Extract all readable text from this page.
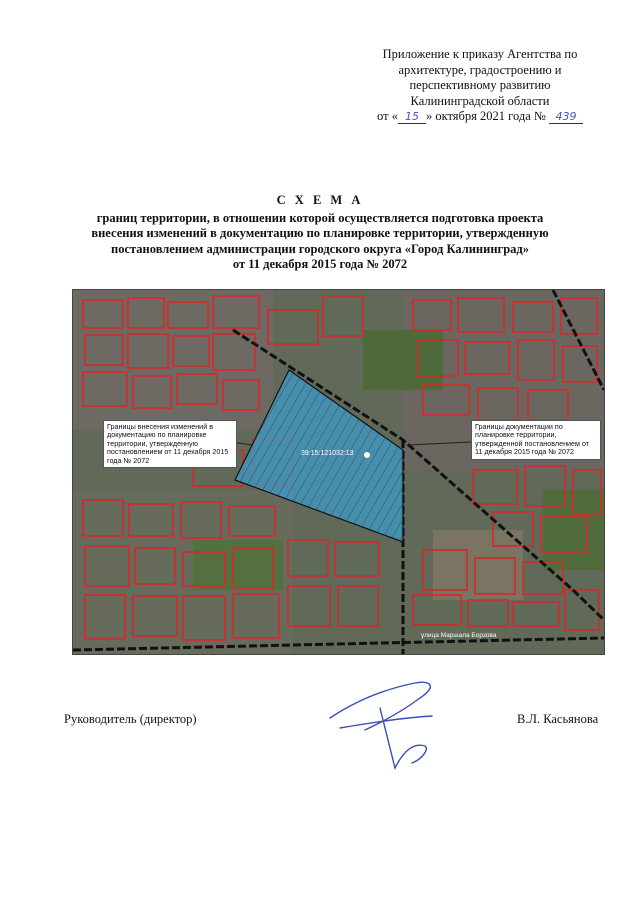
Приложение к приказу Агентства по
архитектуре, градостроению и
перспективному развитию
Калининградской области
от « 15 » октября 2021 года № 439
С Х Е М А
границ территории, в отношении которой осуществляется подготовка проекта
внесения изменений в документацию по планировке территории, утвержденную
постановлением администрации городского округа «Город Калининград»
от 11 декабря 2015 года № 2072
Границы внесения изменений в документацию по планировке территории, утвержденную постановлением от 11 декабря 2015 года № 2072
Границы документации по планировке территории, утвержденной постановлением от 11 декабря 2015 года № 2072
39:15:121032:13
улица Маршала Борзова
Руководитель (директор)	В.Л. Касьянова
